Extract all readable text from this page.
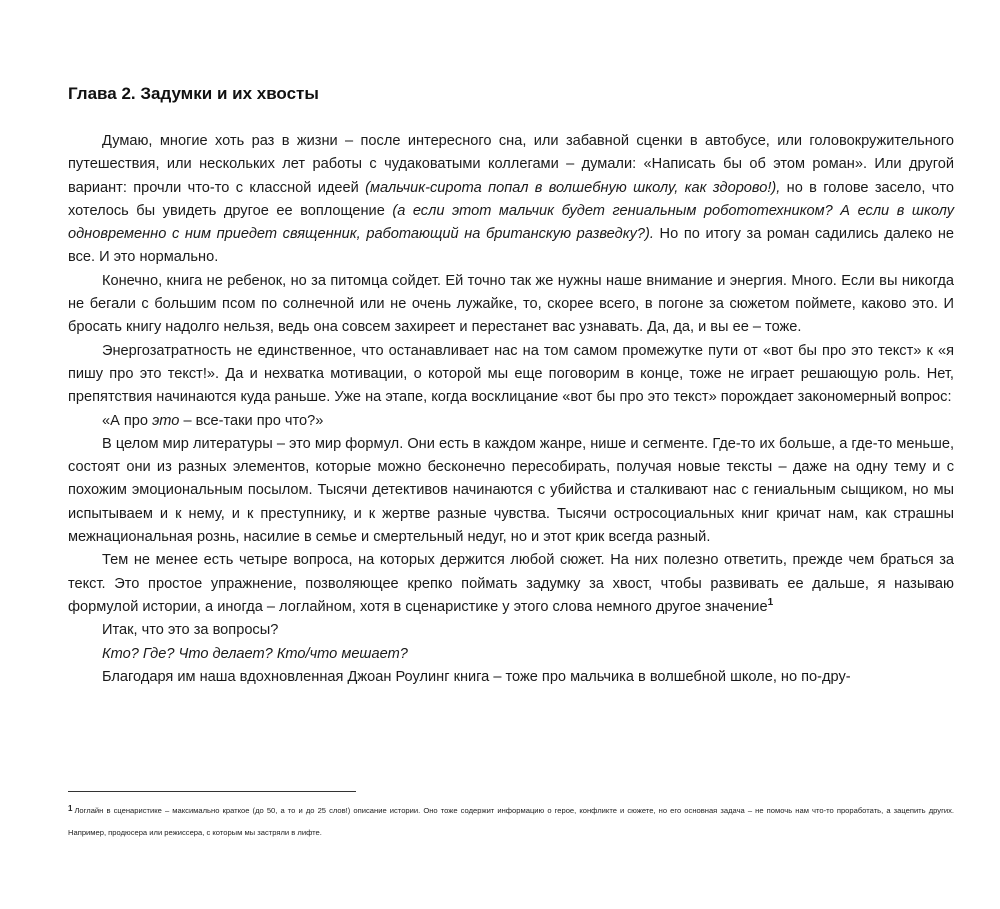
Глава 2. Задумки и их хвосты

Думаю, многие хоть раз в жизни – после интересного сна, или забавной сценки в автобусе, или головокружительного путешествия, или нескольких лет работы с чудаковатыми коллегами – думали: «Написать бы об этом роман». Или другой вариант: прочли что-то с классной идеей (мальчик-сирота попал в волшебную школу, как здорово!), но в голове засело, что хотелось бы увидеть другое ее воплощение (а если этот мальчик будет гениальным робототехником? А если в школу одновременно с ним приедет священник, работающий на британскую разведку?). Но по итогу за роман садились далеко не все. И это нормально.

Конечно, книга не ребенок, но за питомца сойдет. Ей точно так же нужны наше внимание и энергия. Много. Если вы никогда не бегали с большим псом по солнечной или не очень лужайке, то, скорее всего, в погоне за сюжетом поймете, каково это. И бросать книгу надолго нельзя, ведь она совсем захиреет и перестанет вас узнавать. Да, да, и вы ее – тоже.

Энергозатратность не единственное, что останавливает нас на том самом промежутке пути от «вот бы про это текст» к «я пишу про это текст!». Да и нехватка мотивации, о которой мы еще поговорим в конце, тоже не играет решающую роль. Нет, препятствия начинаются куда раньше. Уже на этапе, когда восклицание «вот бы про это текст» порождает закономерный вопрос:

«А про это – все-таки про что?»

В целом мир литературы – это мир формул. Они есть в каждом жанре, нише и сегменте. Где-то их больше, а где-то меньше, состоят они из разных элементов, которые можно бесконечно пересобирать, получая новые тексты – даже на одну тему и с похожим эмоциональным посылом. Тысячи детективов начинаются с убийства и сталкивают нас с гениальным сыщиком, но мы испытываем и к нему, и к преступнику, и к жертве разные чувства. Тысячи остросоциальных книг кричат нам, как страшны межнациональная рознь, насилие в семье и смертельный недуг, но и этот крик всегда разный.

Тем не менее есть четыре вопроса, на которых держится любой сюжет. На них полезно ответить, прежде чем браться за текст. Это простое упражнение, позволяющее крепко поймать задумку за хвост, чтобы развивать ее дальше, я называю формулой истории, а иногда – логлайном, хотя в сценаристике у этого слова немного другое значение$^1$

Итак, что это за вопросы?

Кто? Где? Что делает? Кто/что мешает?

Благодаря им наша вдохновленная Джоан Роулинг книга – тоже про мальчика в волшебной школе, но по-дру-

$^1$ Логлайн в сценаристике – максимально краткое (до 50, а то и до 25 слов!) описание истории. Оно тоже содержит информацию о герое, конфликте и сюжете, но его основная задача – не помочь нам что-то проработать, а зацепить других. Например, продюсера или режиссера, с которым мы застряли в лифте.
